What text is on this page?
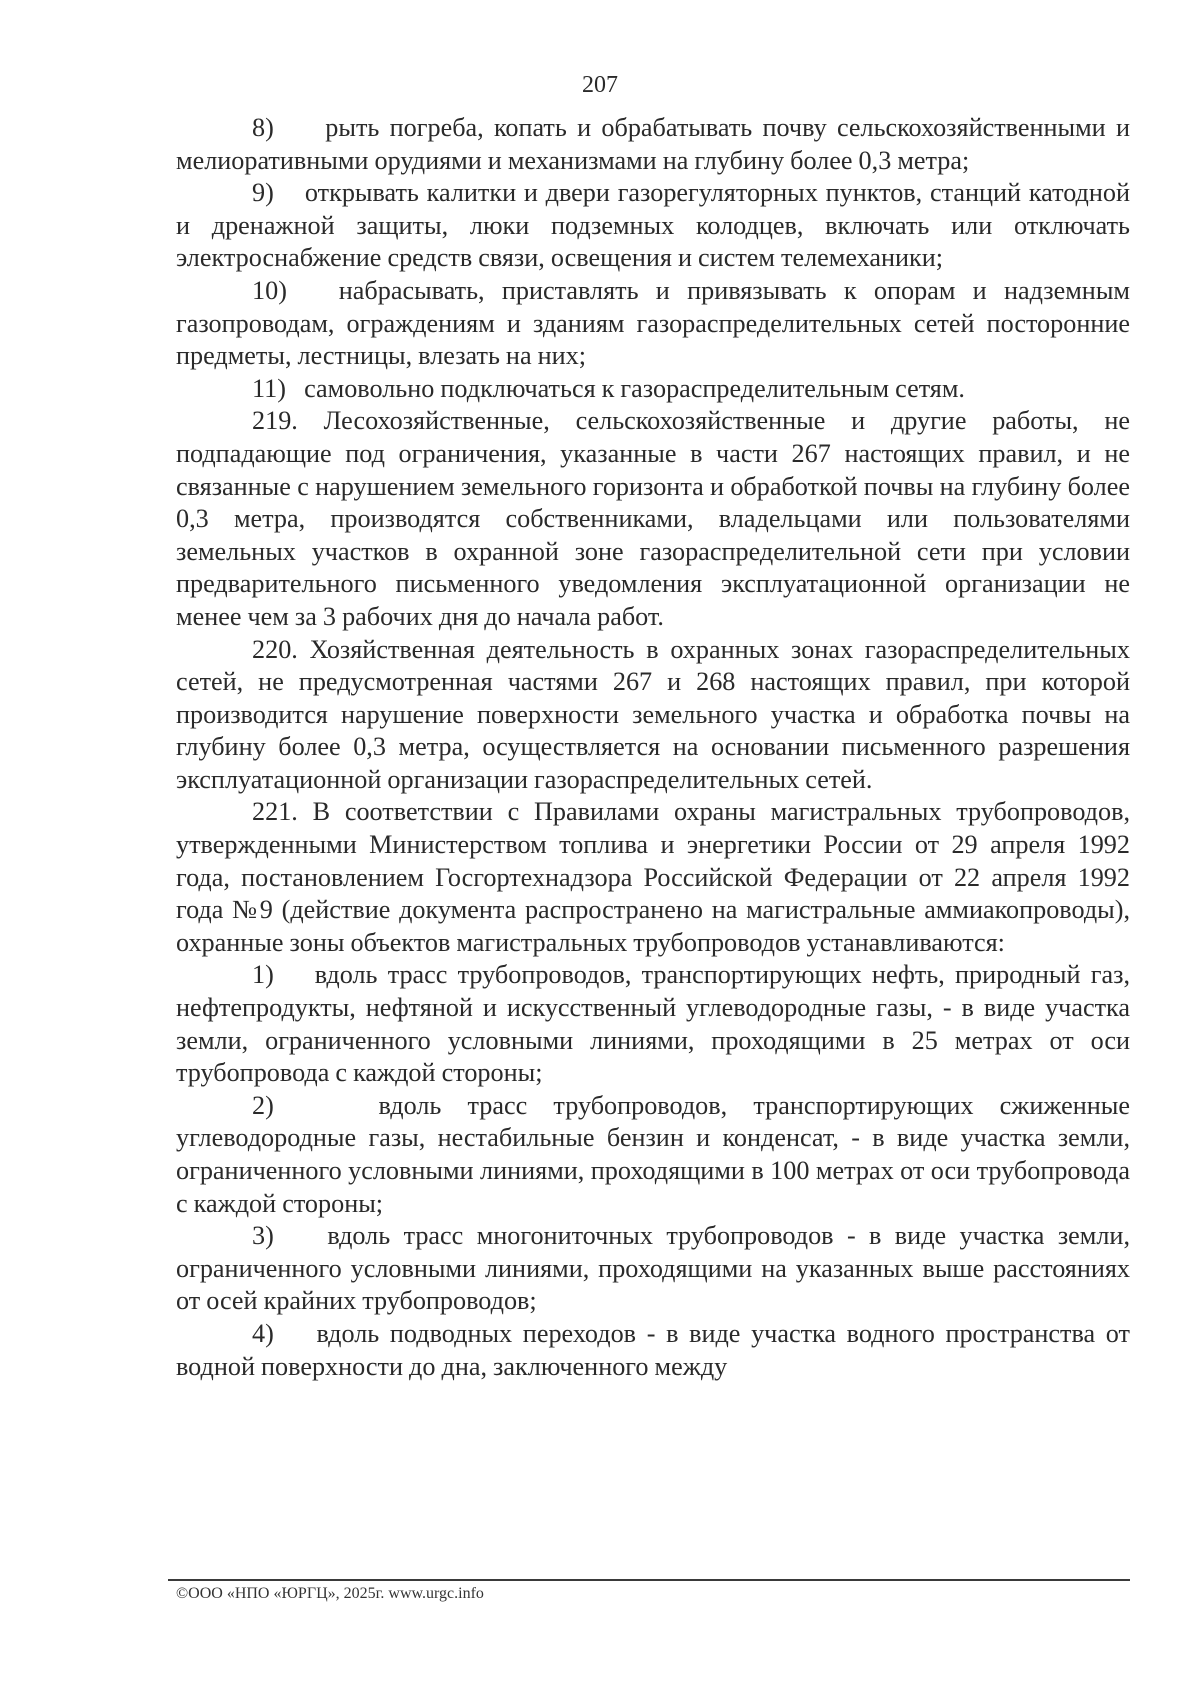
207

8)     рыть погреба, копать и обрабатывать почву сельскохозяйственными и мелиоративными орудиями и механизмами на глубину более 0,3 метра;

9)    открывать калитки и двери газорегуляторных пунктов, станций катодной и дренажной защиты, люки подземных колодцев, включать или отключать электроснабжение средств связи, освещения и систем телемеханики;

10)   набрасывать, приставлять и привязывать к опорам и надземным газопроводам, ограждениям и зданиям газораспределительных сетей посторонние предметы, лестницы, влезать на них;

11)   самовольно подключаться к газораспределительным сетям.

219. Лесохозяйственные, сельскохозяйственные и другие работы, не подпадающие под ограничения, указанные в части 267 настоящих правил, и не связанные с нарушением земельного горизонта и обработкой почвы на глубину более 0,3 метра, производятся собственниками, владельцами или пользователями земельных участков в охранной зоне газораспределительной сети при условии предварительного письменного уведомления эксплуатационной организации не менее чем за 3 рабочих дня до начала работ.

220. Хозяйственная деятельность в охранных зонах газораспределительных сетей, не предусмотренная частями 267 и 268 настоящих правил, при которой производится нарушение поверхности земельного участка и обработка почвы на глубину более 0,3 метра, осуществляется на основании письменного разрешения эксплуатационной организации газораспределительных сетей.

221. В соответствии с Правилами охраны магистральных трубопроводов, утвержденными Министерством топлива и энергетики России от 29 апреля 1992 года, постановлением Госгортехнадзора Российской Федерации от 22 апреля 1992 года №9 (действие документа распространено на магистральные аммиакопроводы), охранные зоны объектов магистральных трубопроводов устанавливаются:

1)    вдоль трасс трубопроводов, транспортирующих нефть, природный газ, нефтепродукты, нефтяной и искусственный углеводородные газы, - в виде участка земли, ограниченного условными линиями, проходящими в 25 метрах от оси трубопровода с каждой стороны;

2)    вдоль трасс трубопроводов, транспортирующих сжиженные углеводородные газы, нестабильные бензин и конденсат, - в виде участка земли, ограниченного условными линиями, проходящими в 100 метрах от оси трубопровода с каждой стороны;

3)    вдоль трасс многониточных трубопроводов - в виде участка земли, ограниченного условными линиями, проходящими на указанных выше расстояниях от осей крайних трубопроводов;

4)    вдоль подводных переходов - в виде участка водного пространства от водной поверхности до дна, заключенного между

©ООО «НПО «ЮРГЦ», 2025г. www.urgc.info
